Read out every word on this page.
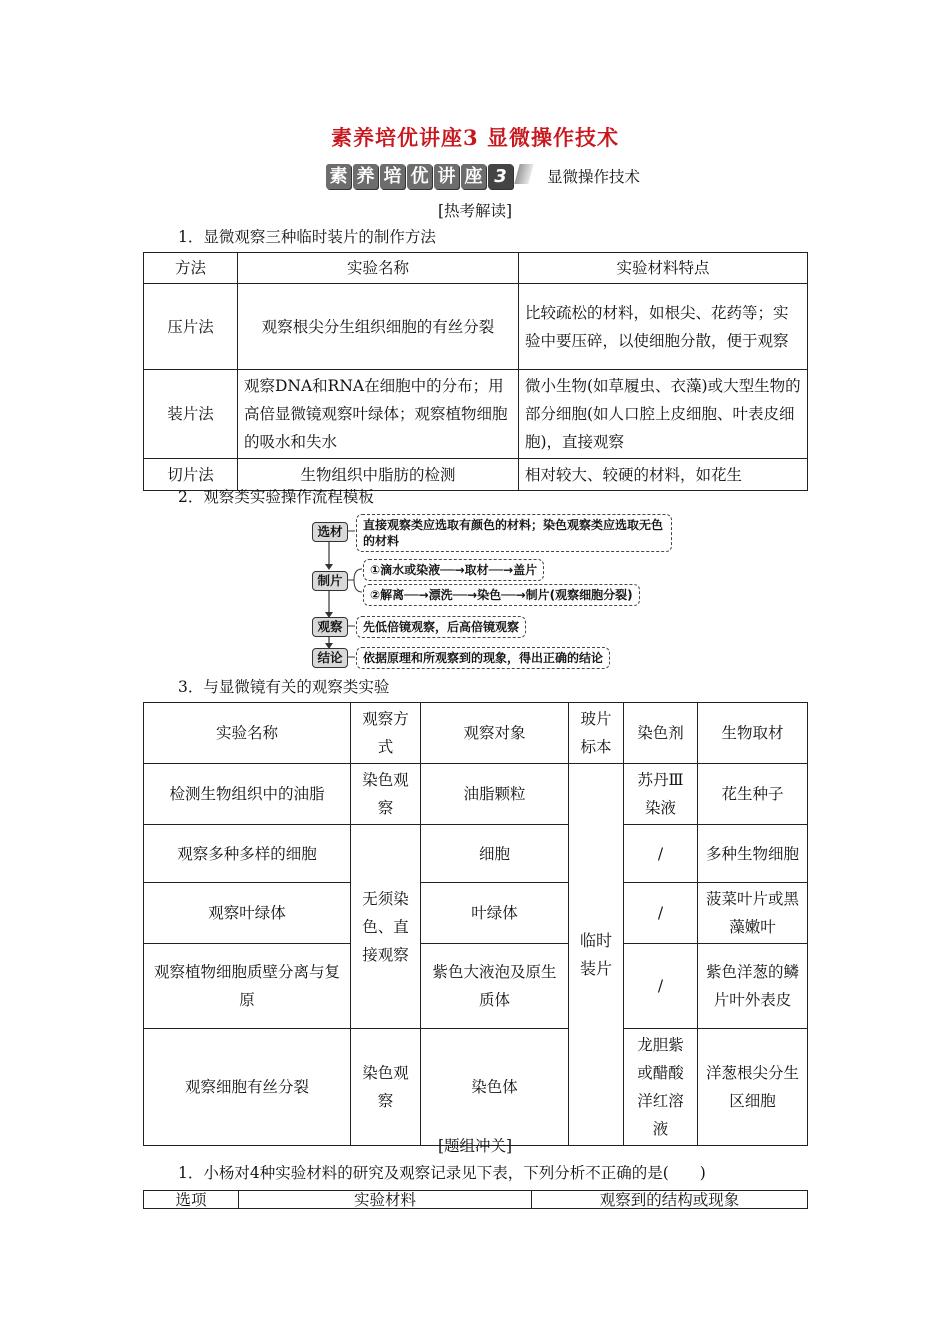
素养培优讲座3 显微操作技术
素 养 培 优 讲 座 3	显微操作技术
[热考解读]
1．显微观察三种临时装片的制作方法
方法	实验名称	实验材料特点
压片法	观察根尖分生组织细胞的有丝分裂	比较疏松的材料，如根尖、花药等；实验中要压碎，以使细胞分散，便于观察
装片法	观察DNA和RNA在细胞中的分布；用高倍显微镜观察叶绿体；观察植物细胞的吸水和失水	微小生物(如草履虫、衣藻)或大型生物的部分细胞(如人口腔上皮细胞、叶表皮细胞)，直接观察
切片法	生物组织中脂肪的检测	相对较大、较硬的材料，如花生
2．观察类实验操作流程模板
选材	直接观察类应选取有颜色的材料；染色观察类应选取无色的材料
制片
①滴水或染液──→取材──→盖片
②解离──→漂洗──→染色──→制片(观察细胞分裂)
观察	先低倍镜观察，后高倍镜观察
结论	依据原理和所观察到的现象，得出正确的结论
3．与显微镜有关的观察类实验
实验名称	观察方式	观察对象	玻片标本	染色剂	生物取材
检测生物组织中的油脂	染色观察	油脂颗粒	临时装片	苏丹Ⅲ染液	花生种子
观察多种多样的细胞	无须染色、直接观察	细胞		/	多种生物细胞
观察叶绿体		叶绿体		/	菠菜叶片或黑藻嫩叶
观察植物细胞质壁分离与复原		紫色大液泡及原生质体		/	紫色洋葱的鳞片叶外表皮
观察细胞有丝分裂	染色观察	染色体		龙胆紫或醋酸洋红溶液	洋葱根尖分生区细胞
[题组冲关]
1．小杨对4种实验材料的研究及观察记录见下表，下列分析不正确的是(　　)
选项	实验材料	观察到的结构或现象
